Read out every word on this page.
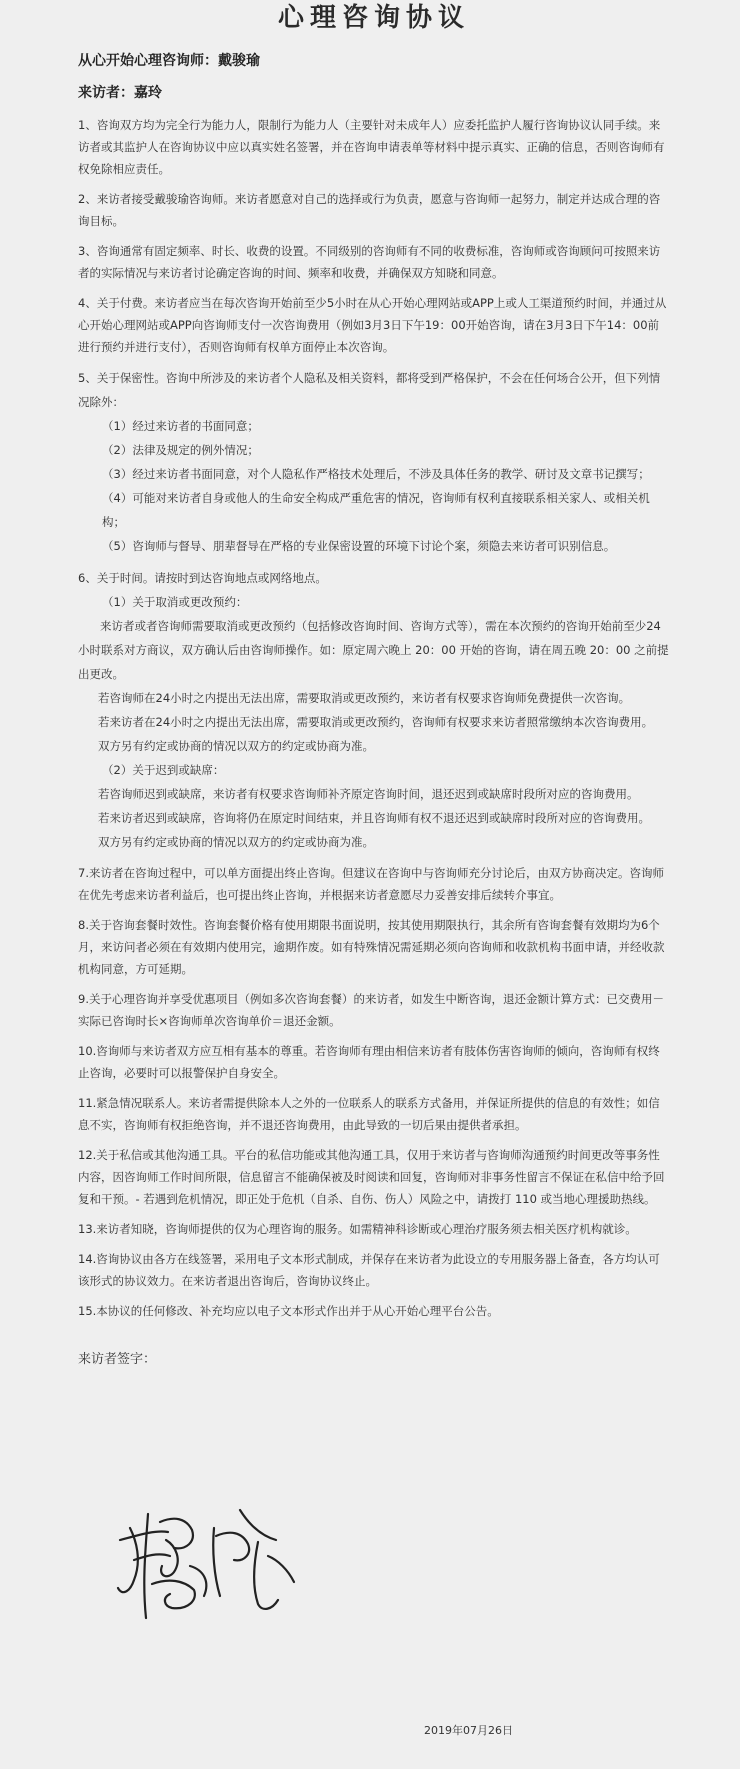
心理咨询协议

从心开始心理咨询师：戴骏瑜

来访者：嘉玲

1、咨询双方均为完全行为能力人，限制行为能力人（主要针对未成年人）应委托监护人履行咨询协议认同手续。来访者或其监护人在咨询协议中应以真实姓名签署，并在咨询申请表单等材料中提示真实、正确的信息，否则咨询师有权免除相应责任。

2、来访者接受戴骏瑜咨询师。来访者愿意对自己的选择或行为负责，愿意与咨询师一起努力，制定并达成合理的咨询目标。

3、咨询通常有固定频率、时长、收费的设置。不同级别的咨询师有不同的收费标准，咨询师或咨询顾问可按照来访者的实际情况与来访者讨论确定咨询的时间、频率和收费，并确保双方知晓和同意。

4、关于付费。来访者应当在每次咨询开始前至少5小时在从心开始心理网站或APP上或人工渠道预约时间，并通过从心开始心理网站或APP向咨询师支付一次咨询费用（例如3月3日下午19：00开始咨询，请在3月3日下午14：00前进行预约并进行支付），否则咨询师有权单方面停止本次咨询。

5、关于保密性。咨询中所涉及的来访者个人隐私及相关资料，都将受到严格保护，不会在任何场合公开，但下列情况除外：

（1）经过来访者的书面同意；

（2）法律及规定的例外情况；

（3）经过来访者书面同意，对个人隐私作严格技术处理后，不涉及具体任务的教学、研讨及文章书记撰写；

（4）可能对来访者自身或他人的生命安全构成严重危害的情况，咨询师有权利直接联系相关家人、或相关机构；

（5）咨询师与督导、朋辈督导在严格的专业保密设置的环境下讨论个案，须隐去来访者可识别信息。

6、关于时间。请按时到达咨询地点或网络地点。

（1）关于取消或更改预约：

来访者或者咨询师需要取消或更改预约（包括修改咨询时间、咨询方式等），需在本次预约的咨询开始前至少24小时联系对方商议，双方确认后由咨询师操作。如：原定周六晚上 20：00 开始的咨询，请在周五晚 20：00 之前提出更改。

若咨询师在24小时之内提出无法出席，需要取消或更改预约，来访者有权要求咨询师免费提供一次咨询。

若来访者在24小时之内提出无法出席，需要取消或更改预约，咨询师有权要求来访者照常缴纳本次咨询费用。

双方另有约定或协商的情况以双方的约定或协商为准。

（2）关于迟到或缺席：

若咨询师迟到或缺席，来访者有权要求咨询师补齐原定咨询时间，退还迟到或缺席时段所对应的咨询费用。

若来访者迟到或缺席，咨询将仍在原定时间结束，并且咨询师有权不退还迟到或缺席时段所对应的咨询费用。

双方另有约定或协商的情况以双方的约定或协商为准。

7.来访者在咨询过程中，可以单方面提出终止咨询。但建议在咨询中与咨询师充分讨论后，由双方协商决定。咨询师在优先考虑来访者利益后，也可提出终止咨询，并根据来访者意愿尽力妥善安排后续转介事宜。

8.关于咨询套餐时效性。咨询套餐价格有使用期限书面说明，按其使用期限执行，其余所有咨询套餐有效期均为6个月，来访问者必须在有效期内使用完，逾期作废。如有特殊情况需延期必须向咨询师和收款机构书面申请，并经收款机构同意，方可延期。

9.关于心理咨询并享受优惠项目（例如多次咨询套餐）的来访者，如发生中断咨询，退还金额计算方式：已交费用－实际已咨询时长×咨询师单次咨询单价＝退还金额。

10.咨询师与来访者双方应互相有基本的尊重。若咨询师有理由相信来访者有肢体伤害咨询师的倾向，咨询师有权终止咨询，必要时可以报警保护自身安全。

11.紧急情况联系人。来访者需提供除本人之外的一位联系人的联系方式备用，并保证所提供的信息的有效性；如信息不实，咨询师有权拒绝咨询，并不退还咨询费用，由此导致的一切后果由提供者承担。

12.关于私信或其他沟通工具。平台的私信功能或其他沟通工具，仅用于来访者与咨询师沟通预约时间更改等事务性内容，因咨询师工作时间所限，信息留言不能确保被及时阅读和回复，咨询师对非事务性留言不保证在私信中给予回复和干预。- 若遇到危机情况，即正处于危机（自杀、自伤、伤人）风险之中，请拨打 110 或当地心理援助热线。

13.来访者知晓，咨询师提供的仅为心理咨询的服务。如需精神科诊断或心理治疗服务须去相关医疗机构就诊。

14.咨询协议由各方在线签署，采用电子文本形式制成，并保存在来访者为此设立的专用服务器上备查，各方均认可该形式的协议效力。在来访者退出咨询后，咨询协议终止。

15.本协议的任何修改、补充均应以电子文本形式作出并于从心开始心理平台公告。

来访者签字：
2019年07月26日
